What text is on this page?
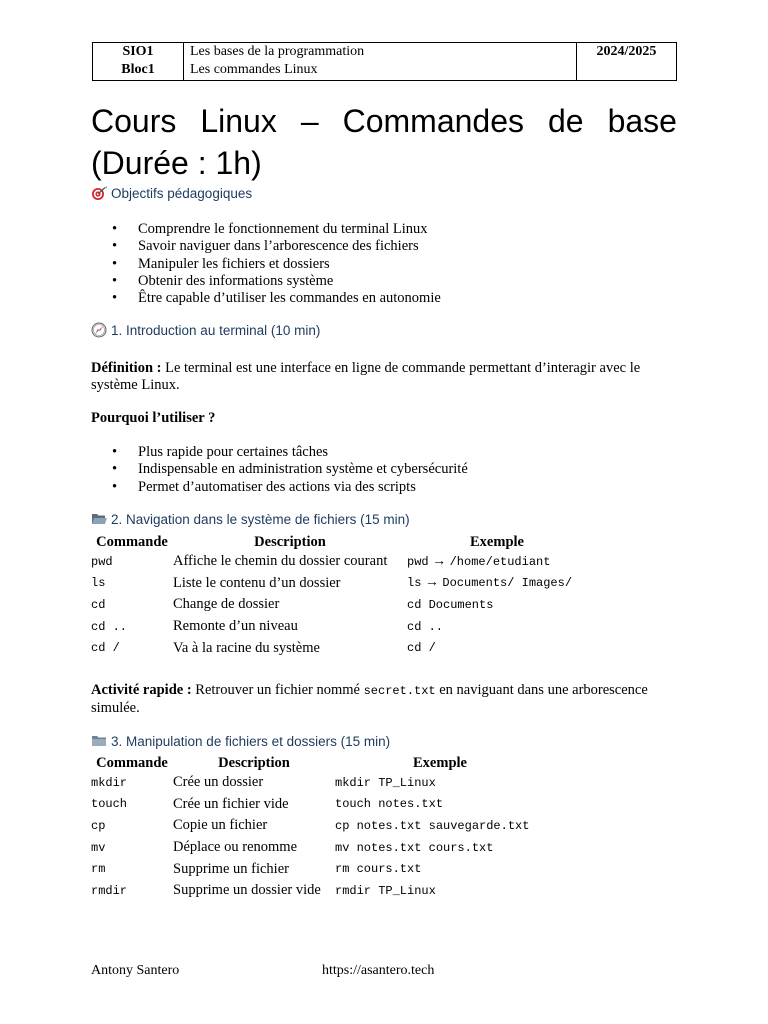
SIO1
Bloc1

Les bases de la programmation
Les commandes Linux
	2024/2025
Cours Linux – Commandes de base
(Durée : 1h)
Objectifs pédagogiques
• Comprendre le fonctionnement du terminal Linux
• Savoir naviguer dans l’arborescence des fichiers
• Manipuler les fichiers et dossiers
• Obtenir des informations système
• Être capable d’utiliser les commandes en autonomie
1. Introduction au terminal (10 min)
Définition : Le terminal est une interface en ligne de commande permettant d’interagir avec le système Linux.
Pourquoi l’utiliser ?
• Plus rapide pour certaines tâches
• Indispensable en administration système et cybersécurité
• Permet d’automatiser des actions via des scripts
2. Navigation dans le système de fichiers (15 min)
Commande	Description	Exemple
pwd	Affiche le chemin du dossier courant	pwd → /home/etudiant
ls	Liste le contenu d’un dossier	ls → Documents/ Images/
cd	Change de dossier	cd Documents
cd ..	Remonte d’un niveau	cd ..
cd /	Va à la racine du système	cd /
Activité rapide : Retrouver un fichier nommé secret.txt en naviguant dans une arborescence simulée.
3. Manipulation de fichiers et dossiers (15 min)
Commande	Description	Exemple
mkdir	Crée un dossier	mkdir TP_Linux
touch	Crée un fichier vide	touch notes.txt
cp	Copie un fichier	cp notes.txt sauvegarde.txt
mv	Déplace ou renomme	mv notes.txt cours.txt
rm	Supprime un fichier	rm cours.txt
rmdir	Supprime un dossier vide	rmdir TP_Linux
Antony Santero	https://asantero.tech
